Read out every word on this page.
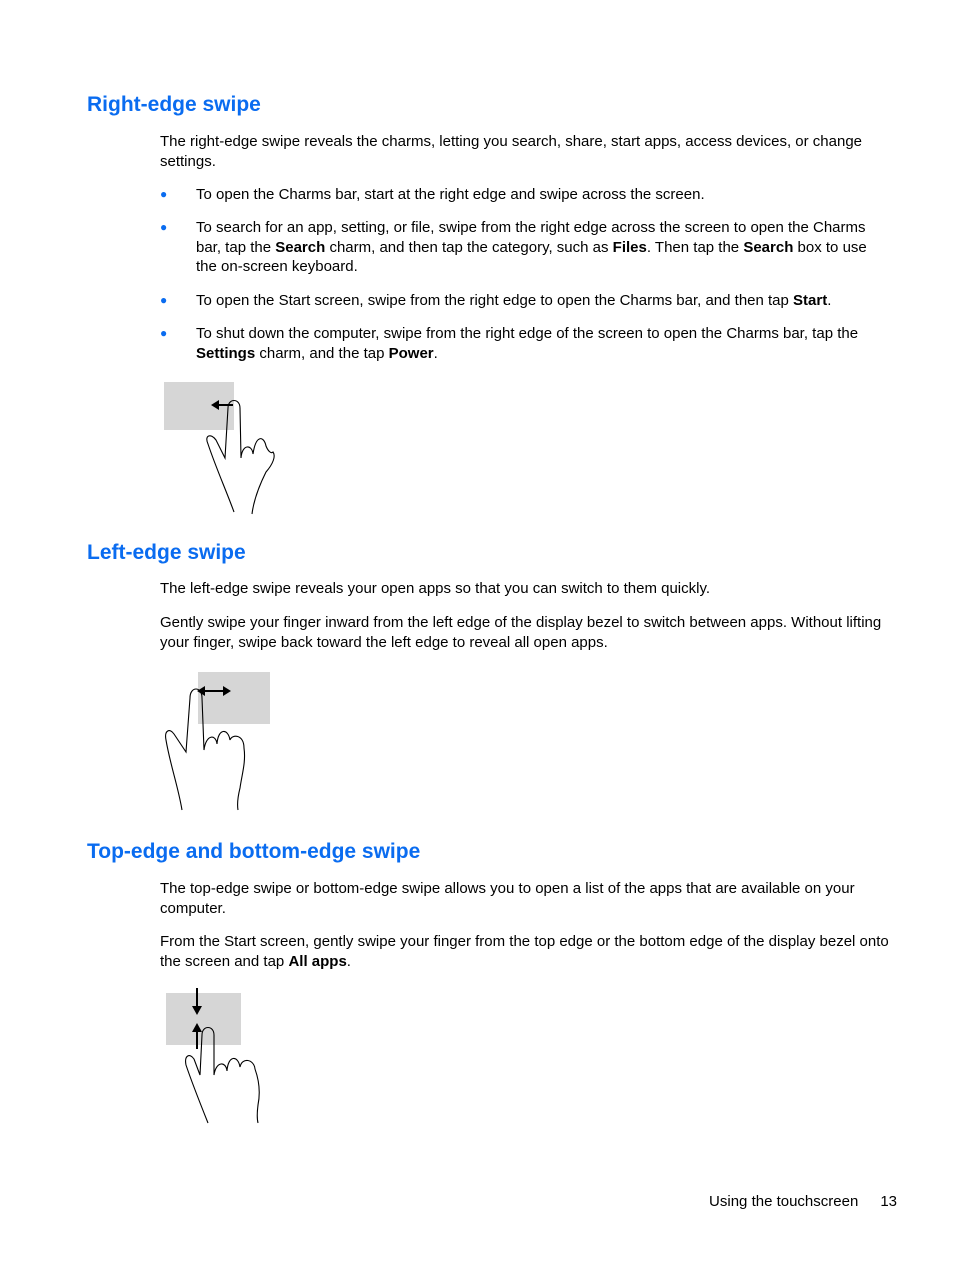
Right-edge swipe

The right-edge swipe reveals the charms, letting you search, share, start apps, access devices, or change settings.

●	To open the Charms bar, start at the right edge and swipe across the screen.

●	To search for an app, setting, or file, swipe from the right edge across the screen to open the Charms bar, tap the Search charm, and then tap the category, such as Files. Then tap the Search box to use the on-screen keyboard.

●	To open the Start screen, swipe from the right edge to open the Charms bar, and then tap Start.

●	To shut down the computer, swipe from the right edge of the screen to open the Charms bar, tap the Settings charm, and the tap Power.

Left-edge swipe

The left-edge swipe reveals your open apps so that you can switch to them quickly.

Gently swipe your finger inward from the left edge of the display bezel to switch between apps. Without lifting your finger, swipe back toward the left edge to reveal all open apps.

Top-edge and bottom-edge swipe

The top-edge swipe or bottom-edge swipe allows you to open a list of the apps that are available on your computer.

From the Start screen, gently swipe your finger from the top edge or the bottom edge of the display bezel onto the screen and tap All apps.

Using the touchscreen 13
